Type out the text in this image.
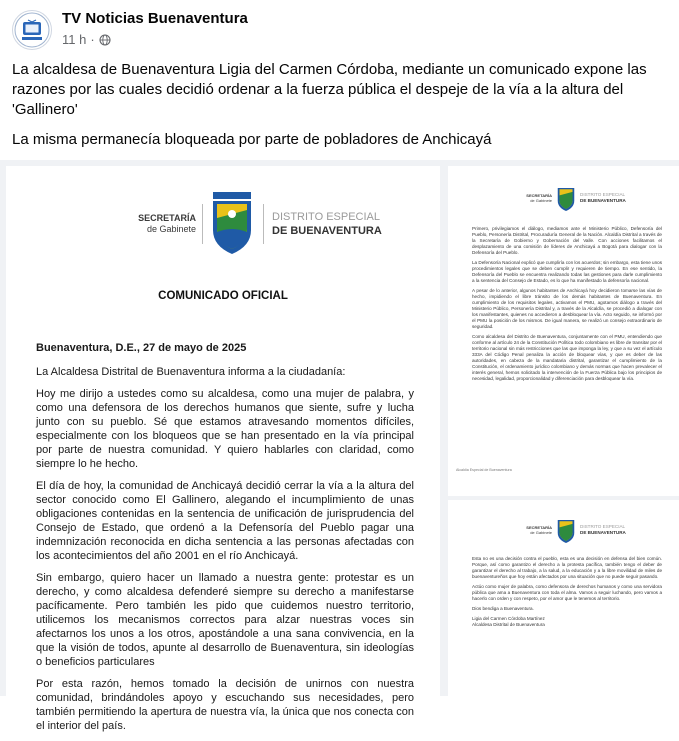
TV Noticias Buenaventura
11 h ·

La alcaldesa de Buenaventura Ligia del Carmen Córdoba, mediante un comunicado expone las razones por las cuales decidió ordenar a la fuerza pública el despeje de la vía a la altura del 'Gallinero'

La misma permanecía bloqueada por parte de pobladores de Anchicayá

SECRETARÍA
de Gabinete
DISTRITO ESPECIAL
DE BUENAVENTURA
COMUNICADO OFICIAL

Buenaventura, D.E., 27 de mayo de 2025

La Alcaldesa Distrital de Buenaventura informa a la ciudadanía:

Hoy me dirijo a ustedes como su alcaldesa, como una mujer de palabra, y como una defensora de los derechos humanos que siente, sufre y lucha junto con su pueblo. Sé que estamos atravesando momentos difíciles, especialmente con los bloqueos que se han presentado en la vía principal por parte de nuestra comunidad. Y quiero hablarles con claridad, como siempre lo he hecho.

El día de hoy, la comunidad de Anchicayá decidió cerrar la vía a la altura del sector conocido como El Gallinero, alegando el incumplimiento de unas obligaciones contenidas en la sentencia de unificación de jurisprudencia del Consejo de Estado, que ordenó a la Defensoría del Pueblo pagar una indemnización reconocida en dicha sentencia a las personas afectadas con los acontecimientos del año 2001 en el río Anchicayá.

Sin embargo, quiero hacer un llamado a nuestra gente: protestar es un derecho, y como alcaldesa defenderé siempre su derecho a manifestarse pacíficamente. Pero también les pido que cuidemos nuestro territorio, utilicemos los mecanismos correctos para alzar nuestras voces sin afectarnos los unos a los otros, apostándole a una sana convivencia, en la que la visión de todos, apunte al desarrollo de Buenaventura, sin ideologías o beneficios particulares

Por esta razón, hemos tomado la decisión de unirnos con nuestra comunidad, brindándoles apoyo y escuchando sus necesidades, pero también permitiendo la apertura de nuestra vía, la única que nos conecta con el interior del país.

SECRETARÍA
de Gabinete
DISTRITO ESPECIAL
DE BUENAVENTURA

Primero, privilegiamos el diálogo, mediamos ante el Ministerio Público, Defensoría del Pueblo, Personería Distrital, Procuraduría General de la Nación. Alcaldía Distrital a través de la Secretaría de Gobierno y Gobernación del Valle. Con acciones facilitamos el desplazamiento de una comisión de líderes de Anchicayá a Bogotá para dialogar con la Defensoría del Pueblo.

La Defensoría Nacional explicó que cumpliría con los acuerdos; sin embargo, esta tiene unos procedimientos legales que se deben cumplir y requieren de tiempo. En ese sentido, la Defensoría del Pueblo se encuentra realizando todas las gestiones para darle cumplimiento a la sentencia del Consejo de Estado, es lo que ha manifestado la defensoría nacional.

A pesar de lo anterior, algunos habitantes de Anchicayá hoy decidieron tomarse las vías de hecho, impidiendo el libre tránsito de los demás habitantes de Buenaventura. En cumplimiento de los requisitos legales, activamos el PMU, agotamos diálogo a través del Ministerio Público, Personería Distrital y, a través de la Alcaldía, se procedió a dialogar con los manifestantes, quienes no accedieron a desbloquear la vía. Acto seguido, se informó por el PMU la posición de los mismos. De igual manera, se realizó un consejo extraordinario de seguridad.

Como alcaldesa del Distrito de Buenaventura, conjuntamente con el PMU, entendiendo que conforme al artículo 24 de la Constitución Política todo colombiano es libre de transitar por el territorio nacional sin más restricciones que las que imponga la ley, y que a su vez el artículo 333A del Código Penal penaliza la acción de bloquear vías, y que es deber de las autoridades, en cabeza de la mandataria distrital, garantizar el cumplimiento de la Constitución, el ordenamiento jurídico colombiano y demás normas que hacen prevalecer el interés general, hemos solicitado la intervención de la Fuerza Pública bajo los principios de necesidad, legalidad, proporcionalidad y diferenciación para desbloquear la vía.

Alcaldía Especial de Buenaventura
SECRETARÍA
de Gabinete
DISTRITO ESPECIAL
DE BUENAVENTURA

Esta no es una decisión contra el pueblo, esta es una decisión en defensa del bien común. Porque, así como garantizo el derecho a la protesta pacífica, también tengo el deber de garantizar el derecho al trabajo, a la salud, a la educación y a la libre movilidad de miles de buenaventureños que hoy están afectados por una situación que no puede seguir pasando.

Actúo como mujer de palabra, como defensora de derechos humanos y como una servidora pública que ama a Buenaventura con toda el alma. Vamos a seguir luchando, pero vamos a hacerlo con orden y con respeto, por el amor que le tenemos al territorio.

Dios bendiga a Buenaventura.

Ligia del Carmen Córdoba Martínez

Alcaldesa Distrital de Buenaventura
